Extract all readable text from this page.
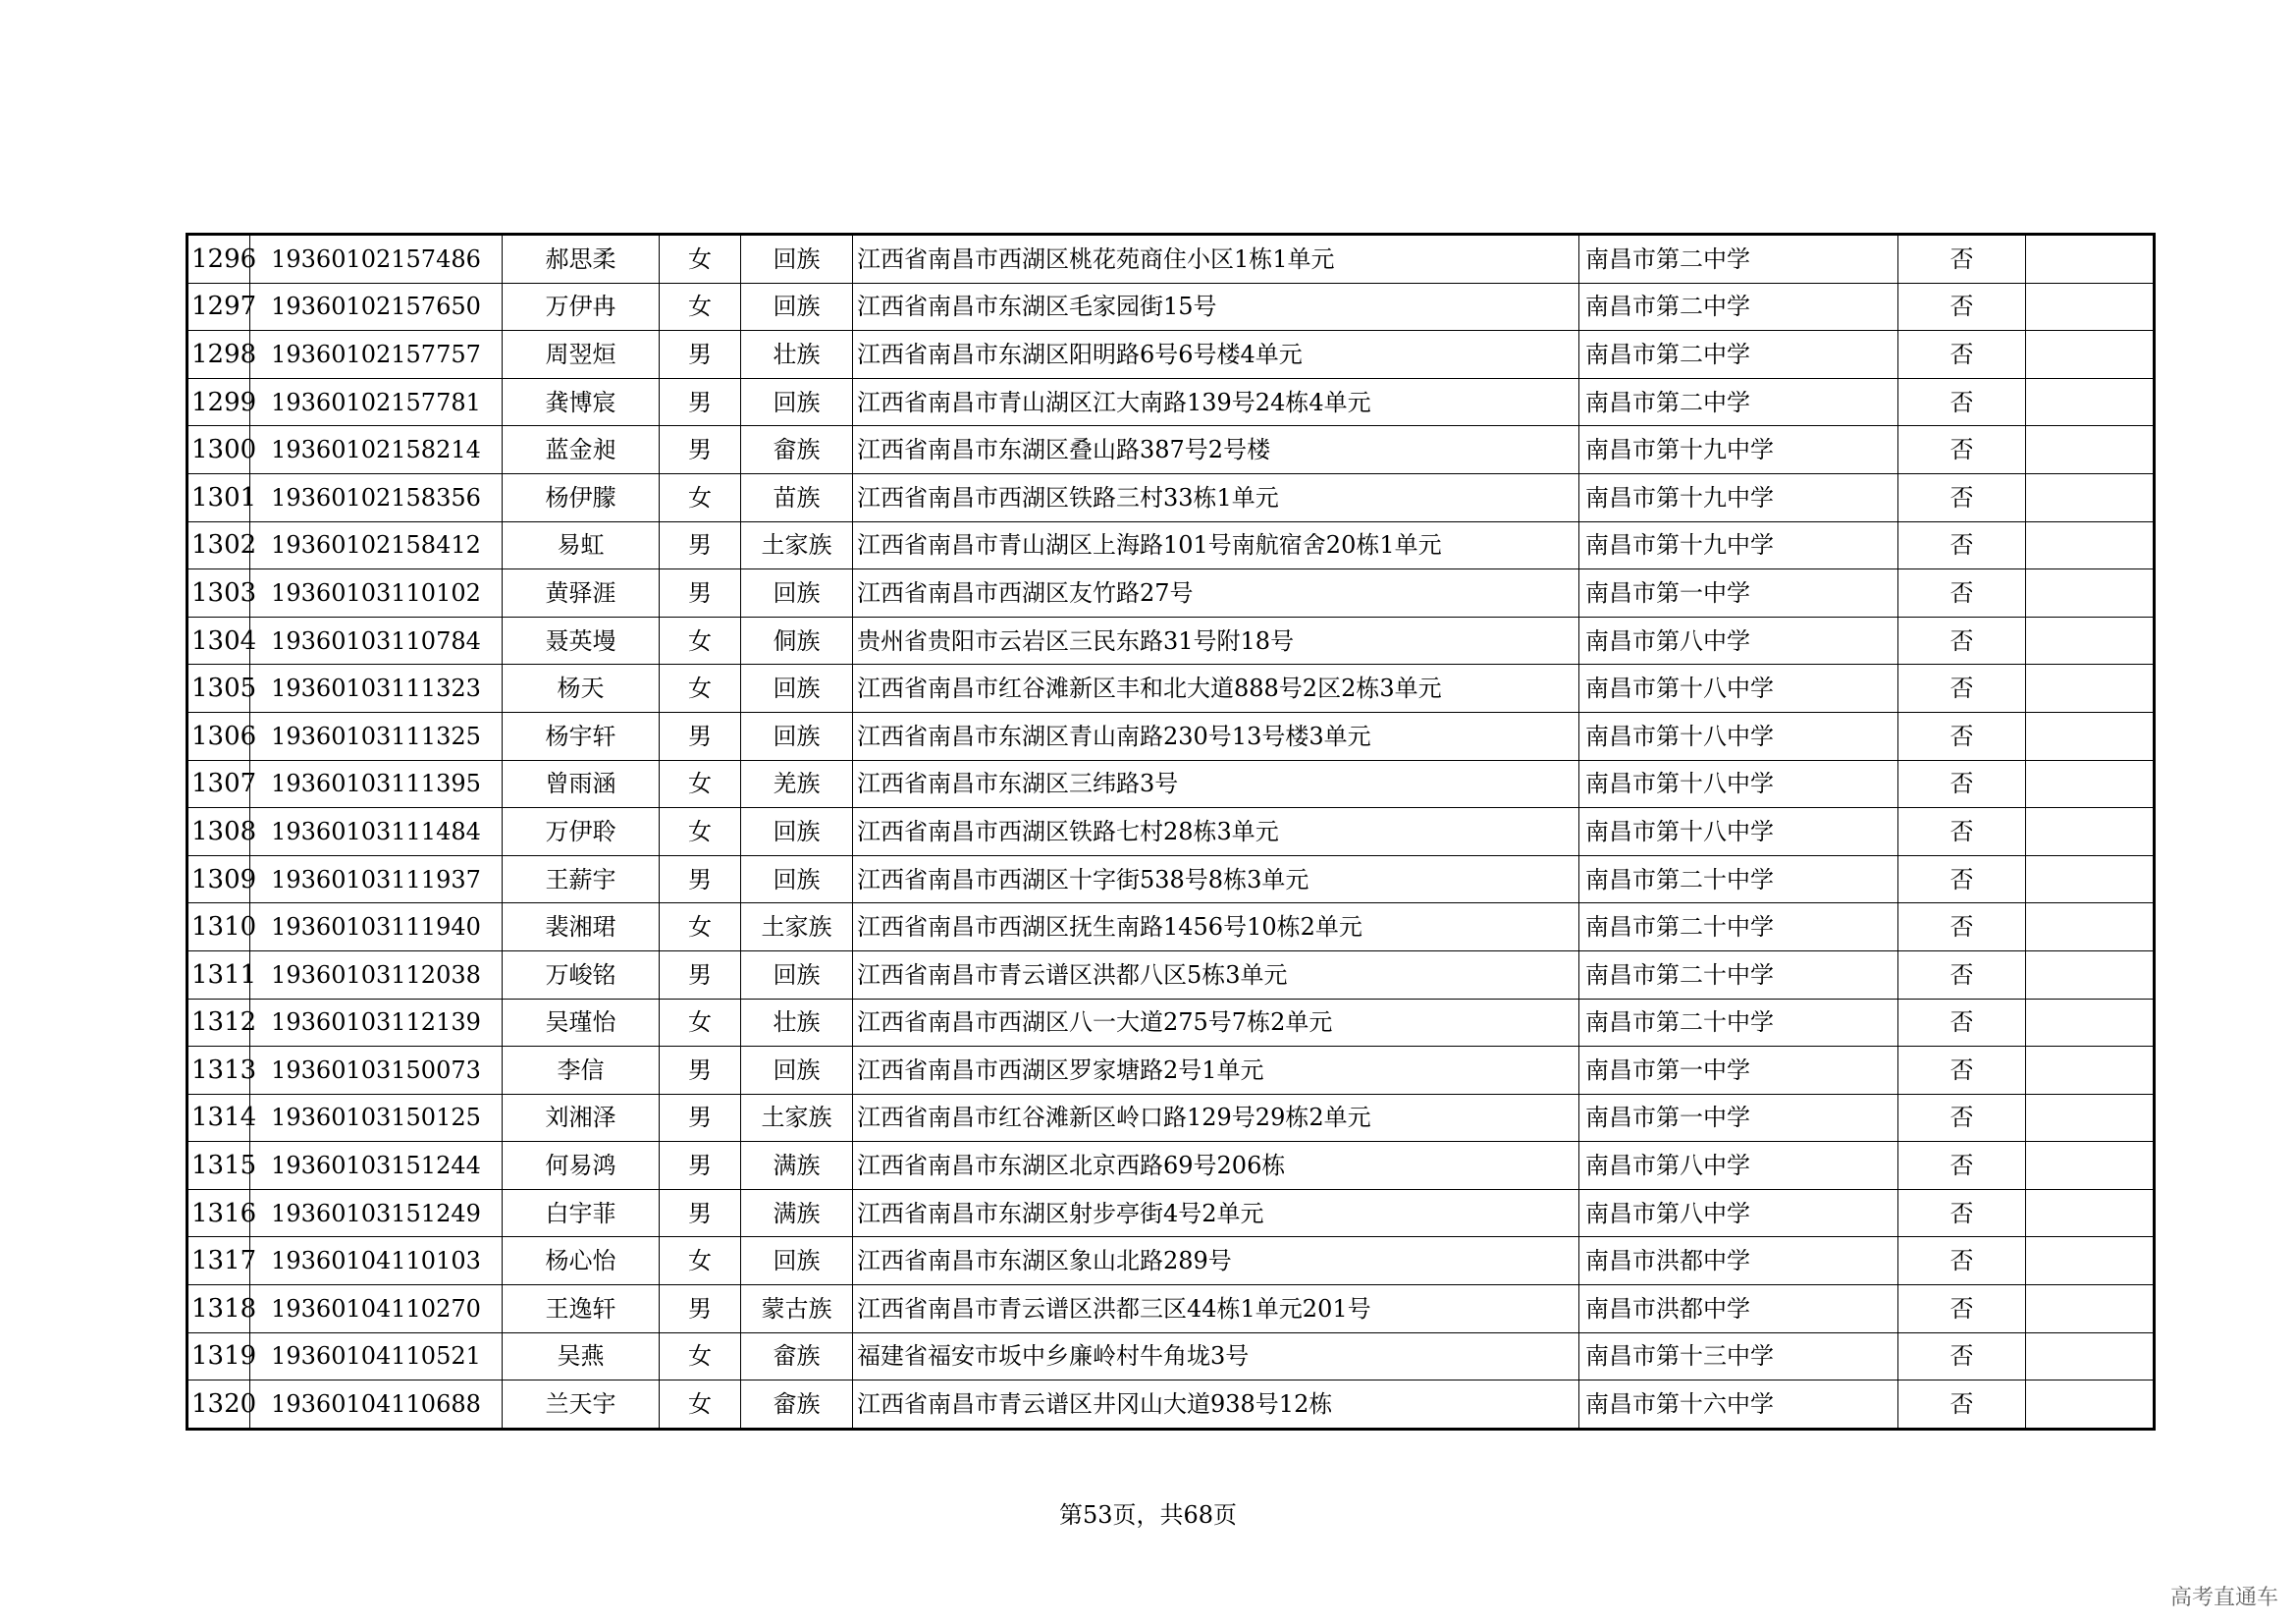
1296	19360102157486	郝思柔	女	回族	江西省南昌市西湖区桃花苑商住小区1栋1单元	南昌市第二中学	否	
1297	19360102157650	万伊冉	女	回族	江西省南昌市东湖区毛家园街15号	南昌市第二中学	否	
1298	19360102157757	周翌烜	男	壮族	江西省南昌市东湖区阳明路6号6号楼4单元	南昌市第二中学	否	
1299	19360102157781	龚博宸	男	回族	江西省南昌市青山湖区江大南路139号24栋4单元	南昌市第二中学	否	
1300	19360102158214	蓝金昶	男	畲族	江西省南昌市东湖区叠山路387号2号楼	南昌市第十九中学	否	
1301	19360102158356	杨伊朦	女	苗族	江西省南昌市西湖区铁路三村33栋1单元	南昌市第十九中学	否	
1302	19360102158412	易虹	男	土家族	江西省南昌市青山湖区上海路101号南航宿舍20栋1单元	南昌市第十九中学	否	
1303	19360103110102	黄驿涯	男	回族	江西省南昌市西湖区友竹路27号	南昌市第一中学	否	
1304	19360103110784	聂英墁	女	侗族	贵州省贵阳市云岩区三民东路31号附18号	南昌市第八中学	否	
1305	19360103111323	杨天	女	回族	江西省南昌市红谷滩新区丰和北大道888号2区2栋3单元	南昌市第十八中学	否	
1306	19360103111325	杨宇轩	男	回族	江西省南昌市东湖区青山南路230号13号楼3单元	南昌市第十八中学	否	
1307	19360103111395	曾雨涵	女	羌族	江西省南昌市东湖区三纬路3号	南昌市第十八中学	否	
1308	19360103111484	万伊聆	女	回族	江西省南昌市西湖区铁路七村28栋3单元	南昌市第十八中学	否	
1309	19360103111937	王薪宇	男	回族	江西省南昌市西湖区十字街538号8栋3单元	南昌市第二十中学	否	
1310	19360103111940	裴湘珺	女	土家族	江西省南昌市西湖区抚生南路1456号10栋2单元	南昌市第二十中学	否	
1311	19360103112038	万峻铭	男	回族	江西省南昌市青云谱区洪都八区5栋3单元	南昌市第二十中学	否	
1312	19360103112139	吴瑾怡	女	壮族	江西省南昌市西湖区八一大道275号7栋2单元	南昌市第二十中学	否	
1313	19360103150073	李信	男	回族	江西省南昌市西湖区罗家塘路2号1单元	南昌市第一中学	否	
1314	19360103150125	刘湘泽	男	土家族	江西省南昌市红谷滩新区岭口路129号29栋2单元	南昌市第一中学	否	
1315	19360103151244	何易鸿	男	满族	江西省南昌市东湖区北京西路69号206栋	南昌市第八中学	否	
1316	19360103151249	白宇菲	男	满族	江西省南昌市东湖区射步亭街4号2单元	南昌市第八中学	否	
1317	19360104110103	杨心怡	女	回族	江西省南昌市东湖区象山北路289号	南昌市洪都中学	否	
1318	19360104110270	王逸轩	男	蒙古族	江西省南昌市青云谱区洪都三区44栋1单元201号	南昌市洪都中学	否	
1319	19360104110521	吴燕	女	畲族	福建省福安市坂中乡廉岭村牛角垅3号	南昌市第十三中学	否	
1320	19360104110688	兰天宇	女	畲族	江西省南昌市青云谱区井冈山大道938号12栋	南昌市第十六中学	否	
第53页，共68页
高考直通车
